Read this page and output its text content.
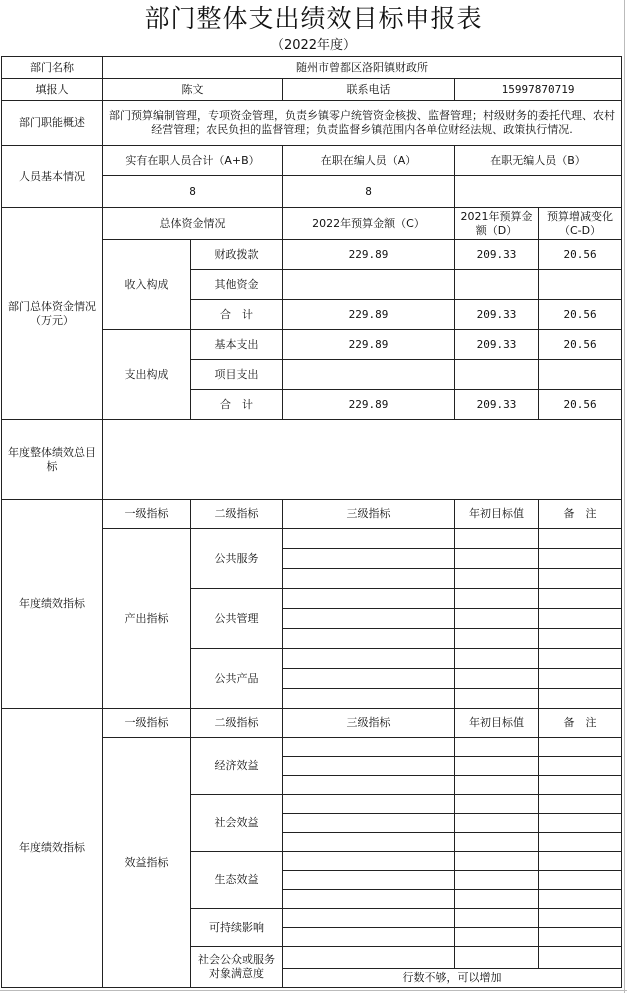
部门整体支出绩效目标申报表
（2022年度）
部门名称	随州市曾都区洛阳镇财政所				
填报人	陈文		联系电话	15997870719	
部门职能概述	部门预算编制管理，专项资金管理，负责乡镇零户统管资金核拨、监督管理；村级财务的委托代理、农村经营管理；农民负担的监督管理；负责监督乡镇范围内各单位财经法规、政策执行情况.				
人员基本情况	实有在职人员合计（A+B）		在职在编人员（A）	在职无编人员（B）	
	8		8		
部门总体资金情况（万元）	总体资金情况		2022年预算金额（C）	2021年预算金额（D）	预算增减变化（C-D）
	收入构成	财政拨款	229.89	209.33	20.56
		其他资金			
		合　计	229.89	209.33	20.56
	支出构成	基本支出	229.89	209.33	20.56
		项目支出			
		合　计	229.89	209.33	20.56
年度整体绩效总目标					
年度绩效指标	一级指标	二级指标	三级指标	年初目标值	备　注
	产出指标	公共服务			

		公共管理			

		公共产品			

年度绩效指标	一级指标	二级指标	三级指标	年初目标值	备　注
	效益指标	经济效益			

		社会效益			

		生态效益			

		可持续影响			

		社会公众或服务对象满意度			
			行数不够，可以增加		
